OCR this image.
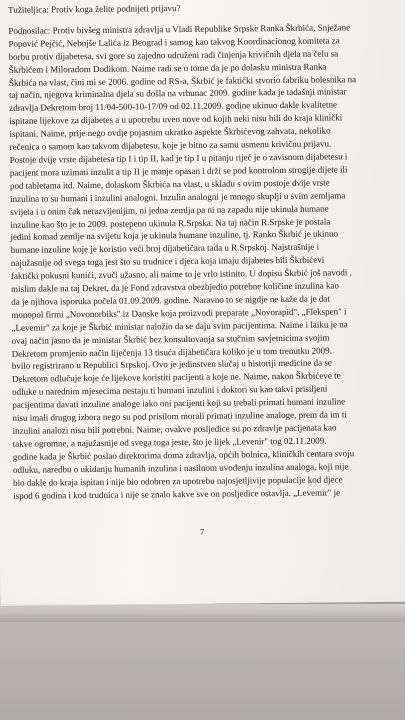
Tužiteljica: Protiv koga želite podnijeti prijavu?

Podnosilac: Protiv bivšeg ministra zdravlja u Vladi Republike Srpske Ranka Škrbića, Snježane

Popović Pejčić, Nebojše Lalića iz Beograd i samog kao takvog Koordinacionog komiteta za

borbu protiv dijabetesa, svi gore su zajedno udruženi radi činjenja krivičnih djela na čelu sa

Škrbićem i Miloradom Dodikom. Naime radi se o tome da je po dolasku ministra Ranka

Škrbića na vlast, čini mi se 2006. godine od RS-a, Škrbić je faktički stvorio fabriku bolesnika na

taj način, njegova kriminalna djela su došla na vrhunac 2009. godine kada je tadašnji ministar

zdravlja Dekretom broj 11/04-500-10-17/09 od 02.11.2009. godine ukinuo dakle kvalitetne

ispitane lijekove za dijabetes a u upotrebu uveo nove od kojih neki nisu bili do kraja klinički

ispitani. Naime, prije nego ovdje pojasnim ukratko aspekte Škrbićevog zahvata, nekoliko

rečenica o samom kao takvom dijabetesu, koje je bitno za samu usmenu krivičnu prijavu.

Postoje dvije vrste dijabetesa tip I i tip II, kad je tip I u pitanju riječ je o zavisnom dijabetesu i

pacijent mora uzimati inzulit a tip II je manje opasan i drži se pod kontrolom strogije dijete ili

pod tabletama itd. Naime, dolaskom Škrbića na vlast, u skladu s ovim postoje dvije vrste

inzulina to su humani i inzulini analogni. Inzulin analogni je mnogo skuplji u svim zemljama

svijeta i u onim čak nerazvijenijim, ni jedna zemlja pa ni na zapadu nije ukinula humane

inzuline kao što je to 2009. postepeno ukinula R.Srpska. Na taj način R.Srpske je postala

jedini komad zemlje na svijetu koja je ukinula humane inzuline, tj. Ranko Škrbić je ukinuo

humane inzuline koje je koristio veći broj dijabetičara tada u R.Srpskoj. Najstrašnije i

najužasnije od svega toga jest što su trudnice i djeca koja imaju dijabetes bili Škrbićevi

faktički pokusni kunići, zvuči užasno, ali naime to je vrlo istinito. U dopisu Škrbić još navodi ,

mislim dakle na taj Dekret, da je Fond zdravstva obezbjedio potrebne količine inzulina kao

da je njihova isporuka počela 01.09.2009. godine. Naravno to se nigdje ne kaže da je dat

monopol firmi „Novonorbiks" iz Danske koja proizvodi preparate „Novorapid", „Flekspen" i

„Levemir" za koje je Škrbić ministar naložio da se daju svim pacijentima. Naime i laiku je na

ovaj način jasno da je ministar Škrbić bez konsultovanja sa stučnim savjetnicima svojim

Dekretom promjenio način liječenja 13 tisuća dijabetičara koliko je u tom trenutku 2009.

bvilo registrirano u Republici Srpskoj. Ovo je jedinstven slučaj u historiji medicine da se

Dekretom odlučuje koje će lijekove koristiti pacijenti a koje ne. Naime, nakon Škrbićeve te

odluke u narednim mjesecima nestaju ti humani inzulini i doktori su kao takvi prisiljeni

pacijentima davati inzuline analoge iako oni pacijenti koji su trebali primati humani inzuline

nisu imali drugog izbora nego su pod prisilom morali primati inzuline analoge, prem da im ti

inzulini analozi nisu bili potrebni. Naime, ovakve posljedice su po zdravlje pacijenata kao

takve ogromne, a najužasnije od svega toga jeste, što je lijek „Levenir" tog 02.11.2009.

godine kada je Škrbić poslao direktorima doma zdravlja, općih bolnica, kliničkih centara svoju

odluku, naredbu o ukidanju humanih inzulina i nasilnom uvođenju inzulina analoga, koji nije

bio dakle do kraja ispitan i nije bio odobren za upotrebu najosjetljivije populacije kod djece

ispod 6 godina i kod trudnica i nije se znalo kakve sve on posljedice ostavlja. „Levemir" je

7
